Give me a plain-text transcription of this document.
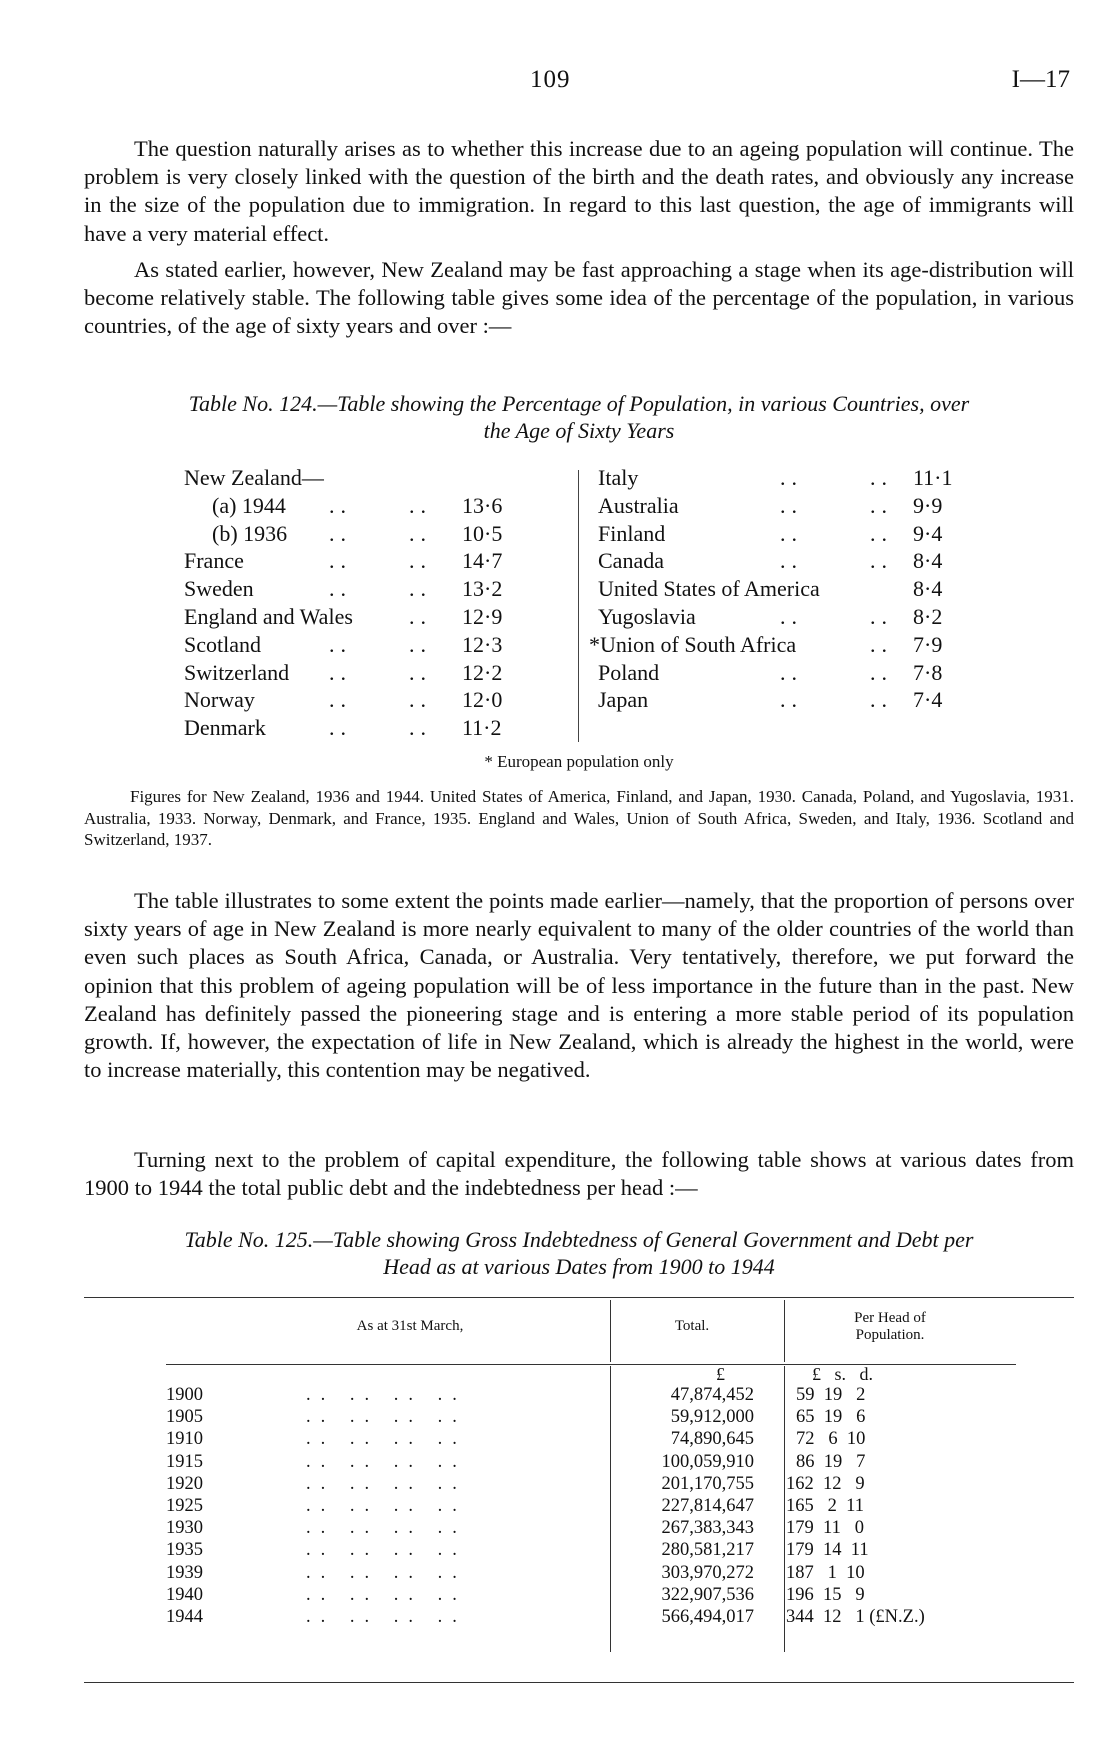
109	I—17

The question naturally arises as to whether this increase due to an ageing population will continue. The problem is very closely linked with the question of the birth and the death rates, and obviously any increase in the size of the population due to immigration. In regard to this last question, the age of immigrants will have a very material effect.

As stated earlier, however, New Zealand may be fast approaching a stage when its age-distribution will become relatively stable. The following table gives some idea of the percentage of the population, in various countries, of the age of sixty years and over :—

Table No. 124.—Table showing the Percentage of Population, in various Countries, over

the Age of Sixty Years

New Zealand—
(a) 1944 ..	.. 13·6
(b) 1936 ..	.. 10·5
France	..	.. 14·7
Sweden	..	.. 13·2
England and Wales	.. 12·9
Scotland	..	.. 12·3
Switzerland ..	.. 12·2
Norway	..	.. 12·0
Denmark	..	.. 11·2
Italy	..	.. 11·1
Australia	..	.. 9·9
Finland	..	.. 9·4
Canada	..	.. 8·4
United States of America	8·4
Yugoslavia	..	.. 8·2
*Union of South Africa	.. 7·9
Poland	..	.. 7·8
Japan	..	.. 7·4
* European population only

Figures for New Zealand, 1936 and 1944. United States of America, Finland, and Japan, 1930. Canada, Poland, and Yugoslavia, 1931. Australia, 1933. Norway, Denmark, and France, 1935. England and Wales, Union of South Africa, Sweden, and Italy, 1936. Scotland and Switzerland, 1937.

The table illustrates to some extent the points made earlier—namely, that the proportion of persons over sixty years of age in New Zealand is more nearly equivalent to many of the older countries of the world than even such places as South Africa, Canada, or Australia. Very tentatively, therefore, we put forward the opinion that this problem of ageing population will be of less importance in the future than in the past. New Zealand has definitely passed the pioneering stage and is entering a more stable period of its population growth. If, however, the expectation of life in New Zealand, which is already the highest in the world, were to increase materially, this contention may be negatived.

Turning next to the problem of capital expenditure, the following table shows at various dates from 1900 to 1944 the total public debt and the indebtedness per head :—

Table No. 125.—Table showing Gross Indebtedness of General Government and Debt per

Head as at various Dates from 1900 to 1944

As at 31st March,	Total.	Per Head of
Population.
£	£   s.   d.
1900	.. .. .. ..	47,874,452 59  19   2
1905	.. .. .. ..	59,912,000 65  19   6
1910	.. .. .. ..	74,890,645 72   6  10
1915	.. .. .. ..	100,059,910 86  19   7
1920	.. .. .. ..	201,170,755 162  12   9
1925	.. .. .. ..	227,814,647 165   2  11
1930	.. .. .. ..	267,383,343 179  11   0
1935	.. .. .. ..	280,581,217 179  14  11
1939	.. .. .. ..	303,970,272 187   1  10
1940	.. .. .. ..	322,907,536 196  15   9
1944	.. .. .. ..	566,494,017 344  12   1 (£N.Z.)
